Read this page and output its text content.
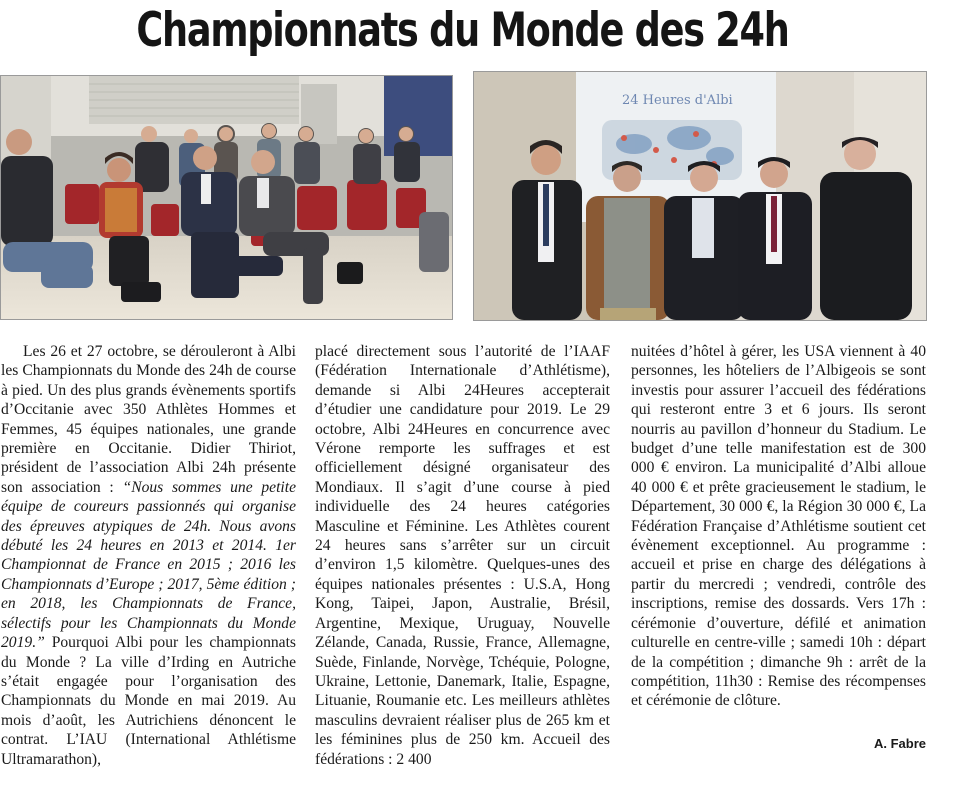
Championnats du Monde des 24h
24 Heures d'Albi

Les 26 et 27 octobre, se dérouleront à Albi les Championnats du Monde des 24h de course à pied. Un des plus grands évènements sportifs d’Occitanie avec 350 Athlètes Hommes et Femmes, 45 équipes nationales, une grande première en Occitanie. Didier Thiriot, président de l’association Albi 24h présente son association : “Nous sommes une petite équipe de coureurs passionnés qui organise des épreuves atypiques de 24h. Nous avons débuté les 24 heures en 2013 et 2014. 1er Championnat de France en 2015 ; 2016 les Championnats d’Europe ; 2017, 5ème édition ; en 2018, les Championnats de France, sélectifs pour les Championnats du Monde 2019.” Pourquoi Albi pour les championnats du Monde ? La ville d’Irding en Autriche s’était engagée pour l’organisation des Championnats du Monde en mai 2019. Au mois d’août, les Autrichiens dénoncent le contrat. L’IAU (International Athlétisme Ultramarathon),

placé directement sous l’autorité de l’IAAF (Fédération Internationale d’Athlétisme), demande si Albi 24Heures accepterait d’étudier une candidature pour 2019. Le 29 octobre, Albi 24Heures en concurrence avec Vérone remporte les suffrages et est officiellement désigné organisateur des Mondiaux. Il s’agit d’une course à pied individuelle des 24 heures catégories Masculine et Féminine. Les Athlètes courent 24 heures sans s’arrêter sur un circuit d’environ 1,5 kilomètre. Quelques-unes des équipes nationales présentes : U.S.A, Hong Kong, Taipei, Japon, Australie, Brésil, Argentine, Mexique, Uruguay, Nouvelle Zélande, Canada, Russie, France, Allemagne, Suède, Finlande, Norvège, Tchéquie, Pologne, Ukraine, Lettonie, Danemark, Italie, Espagne, Lituanie, Roumanie etc. Les meilleurs athlètes masculins devraient réaliser plus de 265 km et les féminines plus de 250 km. Accueil des fédérations : 2 400

nuitées d’hôtel à gérer, les USA viennent à 40 personnes, les hôteliers de l’Albigeois se sont investis pour assurer l’accueil des fédérations qui resteront entre 3 et 6 jours. Ils seront nourris au pavillon d’honneur du Stadium. Le budget d’une telle manifestation est de 300 000 € environ. La municipalité d’Albi alloue 40 000 € et prête gracieusement le stadium, le Département, 30 000 €, la Région 30 000 €, La Fédération Française d’Athlétisme soutient cet évènement exceptionnel. Au programme : accueil et prise en charge des délégations à partir du mercredi ; vendredi, contrôle des inscriptions, remise des dossards. Vers 17h : cérémonie d’ouverture, défilé et animation culturelle en centre-ville ; samedi 10h : départ de la compétition ; dimanche 9h : arrêt de la compétition, 11h30 : Remise des récompenses et cérémonie de clôture.

A. Fabre
